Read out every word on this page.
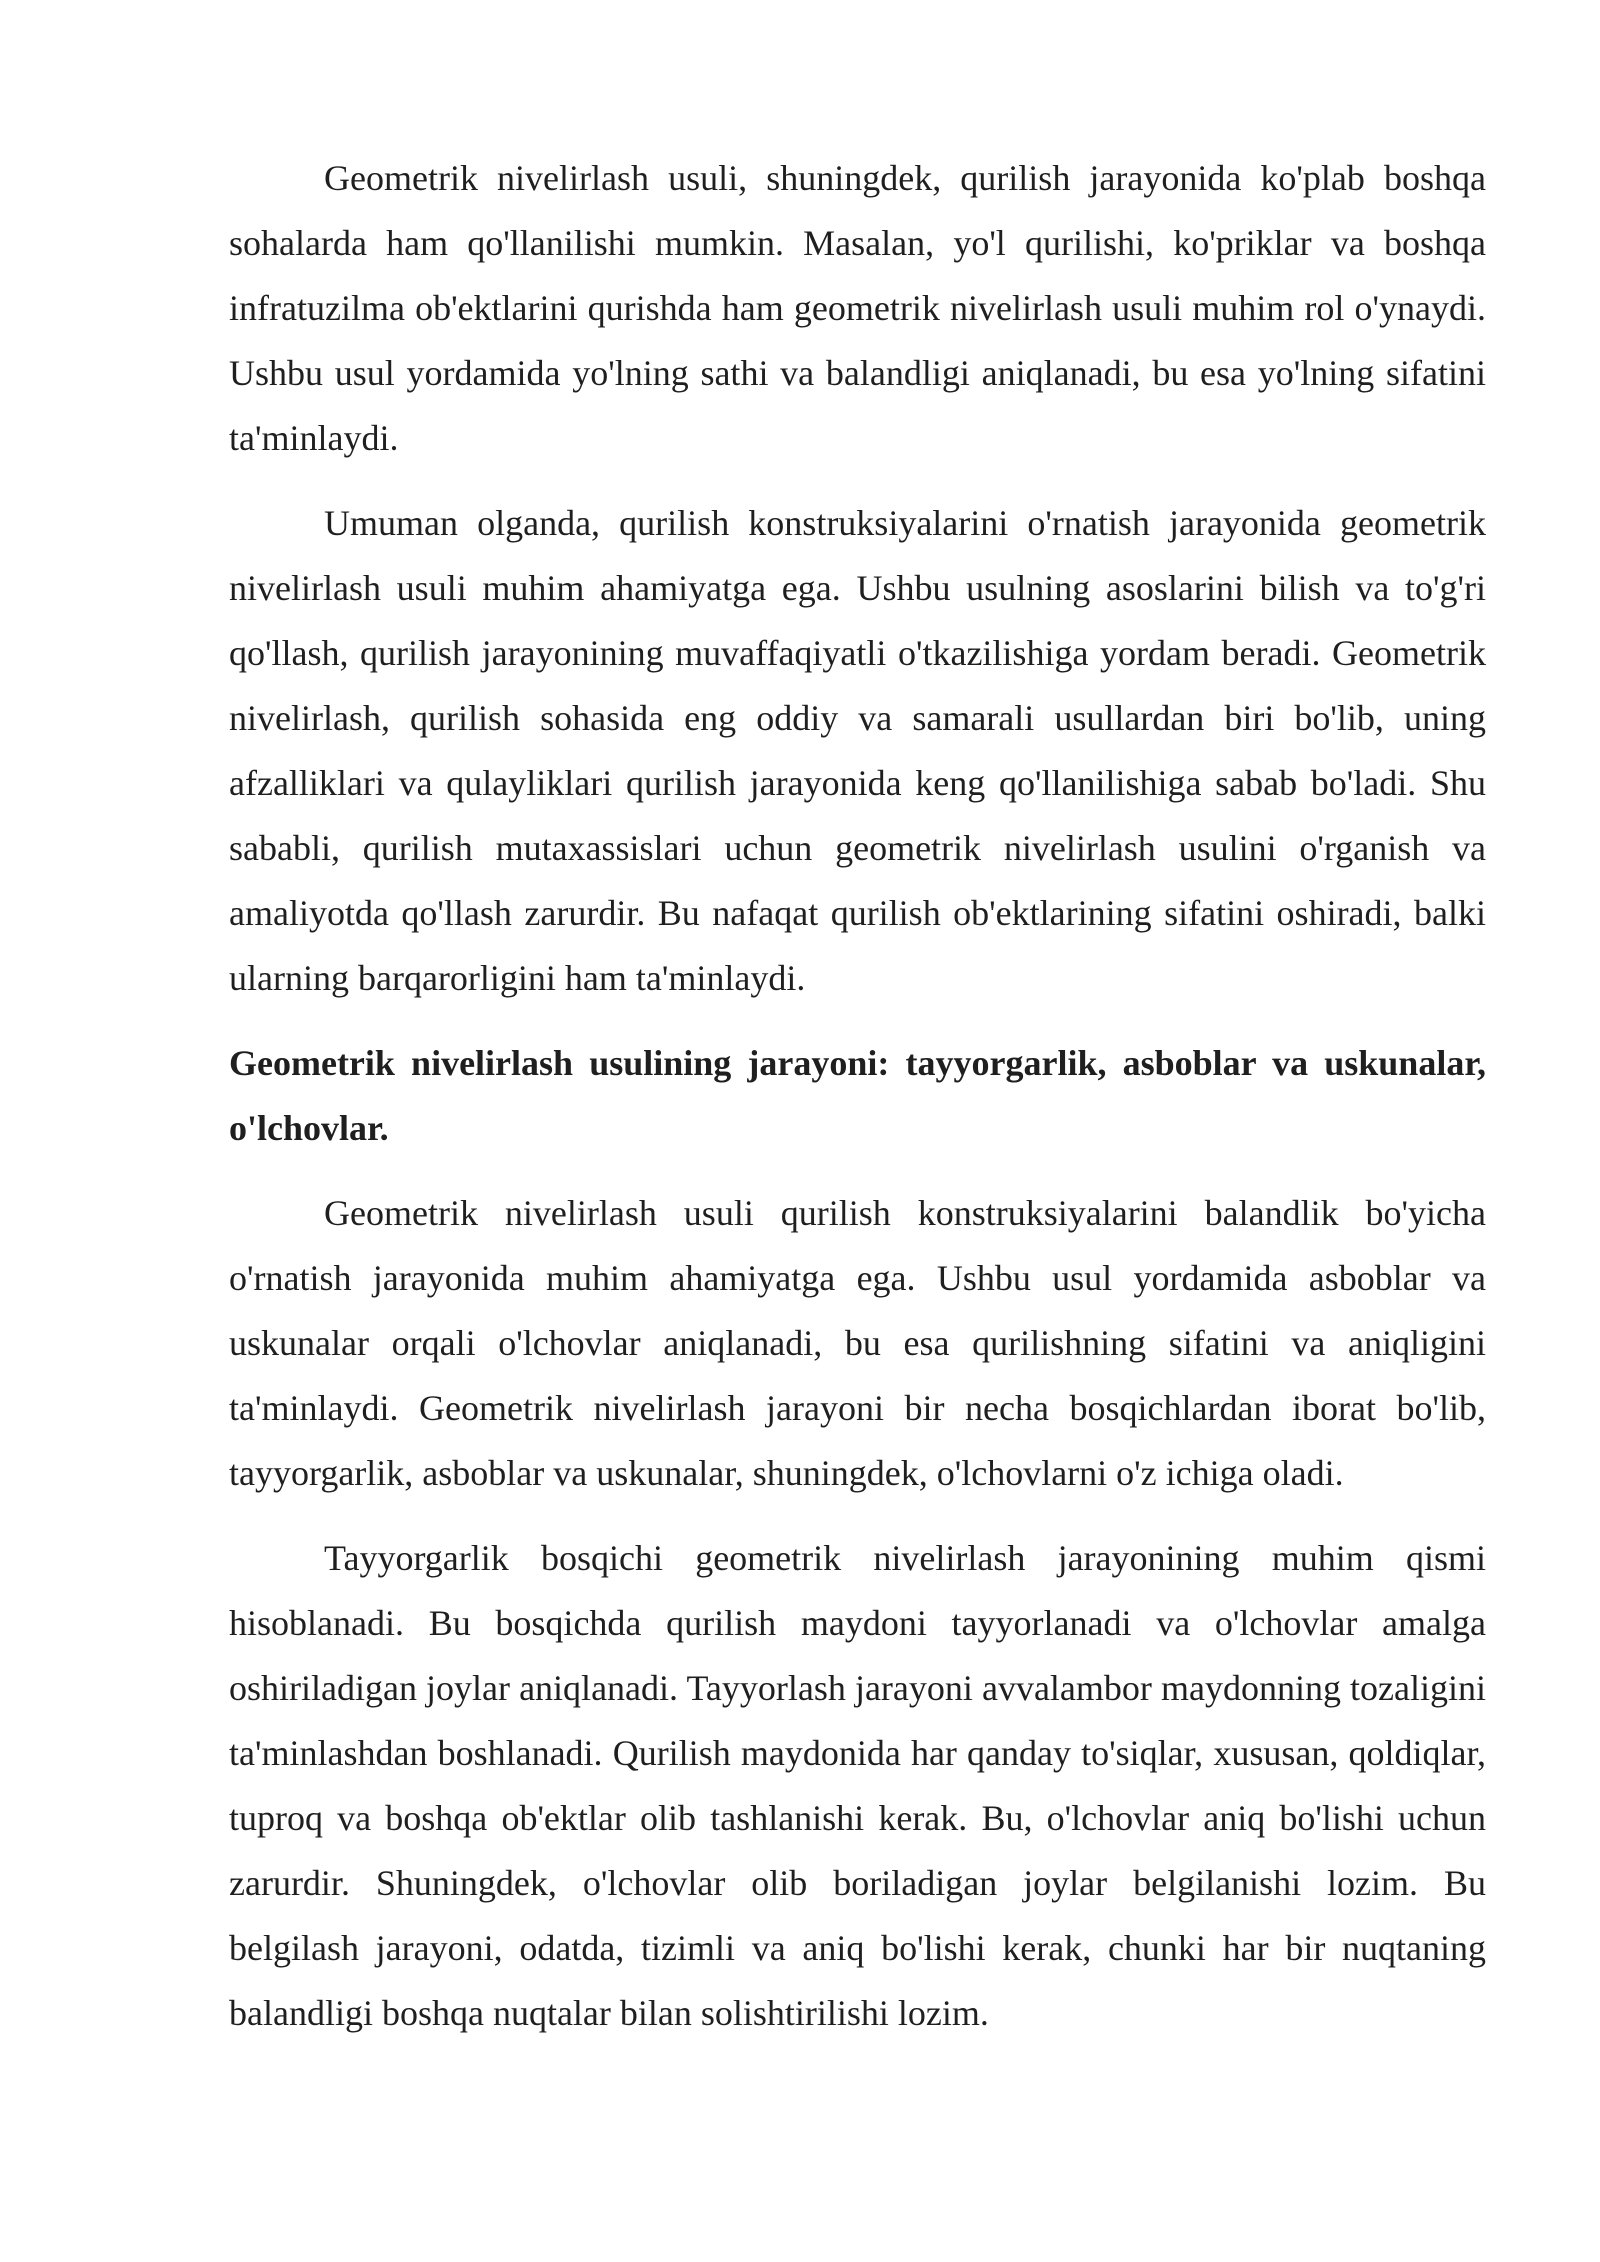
Geometrik nivelirlash usuli, shuningdek, qurilish jarayonida ko'plab boshqa sohalarda ham qo'llanilishi mumkin. Masalan, yo'l qurilishi, ko'priklar va boshqa infratuzilma ob'ektlarini qurishda ham geometrik nivelirlash usuli muhim rol o'ynaydi. Ushbu usul yordamida yo'lning sathi va balandligi aniqlanadi, bu esa yo'lning sifatini ta'minlaydi.

Umuman olganda, qurilish konstruksiyalarini o'rnatish jarayonida geometrik nivelirlash usuli muhim ahamiyatga ega. Ushbu usulning asoslarini bilish va to'g'ri qo'llash, qurilish jarayonining muvaffaqiyatli o'tkazilishiga yordam beradi. Geometrik nivelirlash, qurilish sohasida eng oddiy va samarali usullardan biri bo'lib, uning afzalliklari va qulayliklari qurilish jarayonida keng qo'llanilishiga sabab bo'ladi. Shu sababli, qurilish mutaxassislari uchun geometrik nivelirlash usulini o'rganish va amaliyotda qo'llash zarurdir. Bu nafaqat qurilish ob'ektlarining sifatini oshiradi, balki ularning barqarorligini ham ta'minlaydi.

Geometrik nivelirlash usulining jarayoni: tayyorgarlik, asboblar va uskunalar, o'lchovlar.

Geometrik nivelirlash usuli qurilish konstruksiyalarini balandlik bo'yicha o'rnatish jarayonida muhim ahamiyatga ega. Ushbu usul yordamida asboblar va uskunalar orqali o'lchovlar aniqlanadi, bu esa qurilishning sifatini va aniqligini ta'minlaydi. Geometrik nivelirlash jarayoni bir necha bosqichlardan iborat bo'lib, tayyorgarlik, asboblar va uskunalar, shuningdek, o'lchovlarni o'z ichiga oladi.

Tayyorgarlik bosqichi geometrik nivelirlash jarayonining muhim qismi hisoblanadi. Bu bosqichda qurilish maydoni tayyorlanadi va o'lchovlar amalga oshiriladigan joylar aniqlanadi. Tayyorlash jarayoni avvalambor maydonning tozaligini ta'minlashdan boshlanadi. Qurilish maydonida har qanday to'siqlar, xususan, qoldiqlar, tuproq va boshqa ob'ektlar olib tashlanishi kerak. Bu, o'lchovlar aniq bo'lishi uchun zarurdir. Shuningdek, o'lchovlar olib boriladigan joylar belgilanishi lozim. Bu belgilash jarayoni, odatda, tizimli va aniq bo'lishi kerak, chunki har bir nuqtaning balandligi boshqa nuqtalar bilan solishtirilishi lozim.
